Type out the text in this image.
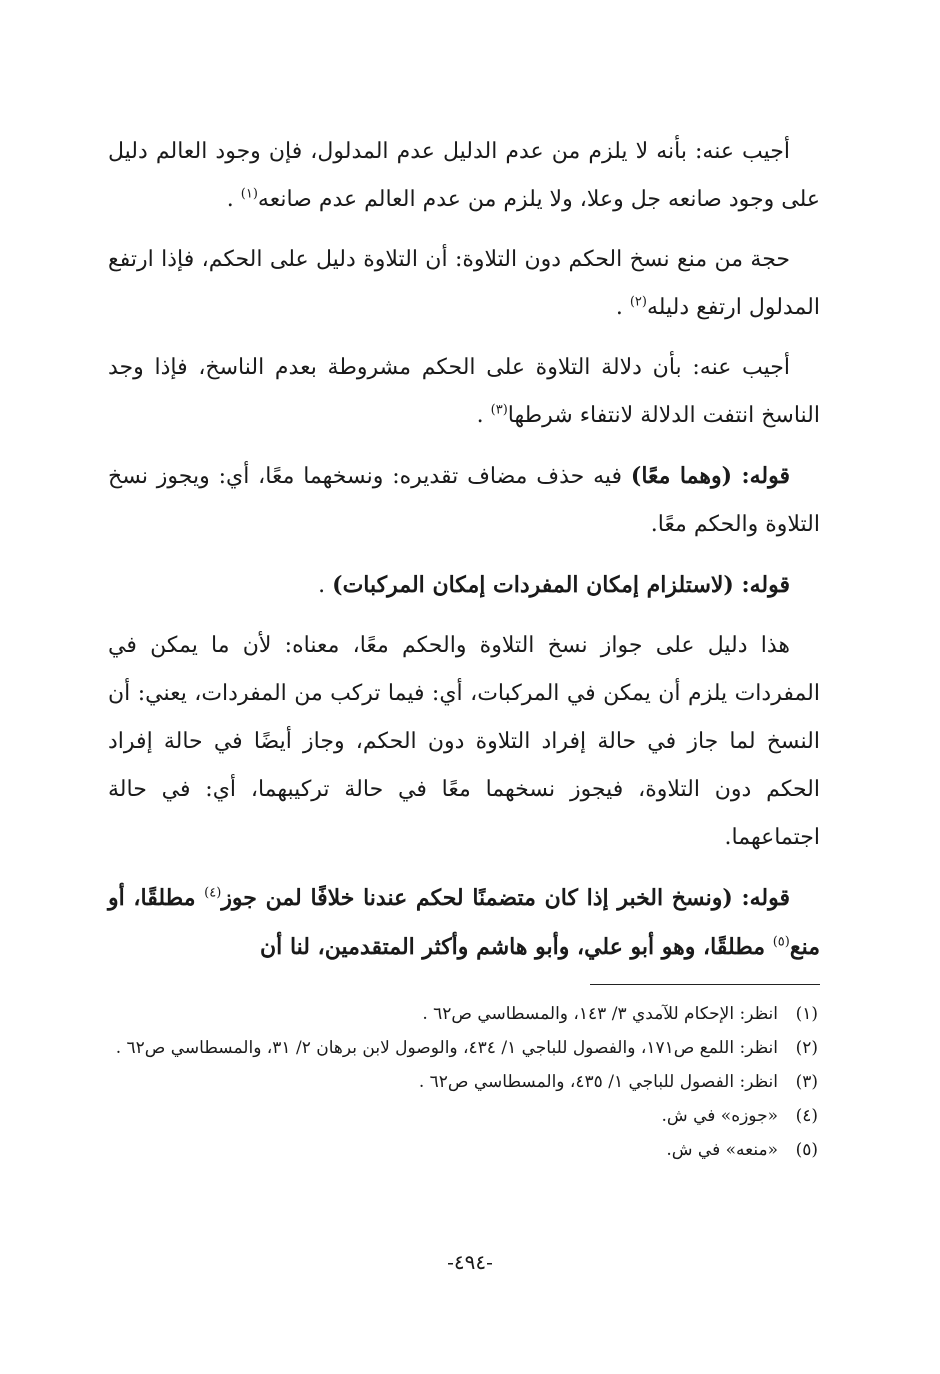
أجيب عنه: بأنه لا يلزم من عدم الدليل عدم المدلول، فإن وجود العالم دليل على وجود صانعه جل وعلا، ولا يلزم من عدم العالم عدم صانعه$^{(١)}$ .

حجة من منع نسخ الحكم دون التلاوة: أن التلاوة دليل على الحكم، فإذا ارتفع المدلول ارتفع دليله$^{(٢)}$ .

أجيب عنه: بأن دلالة التلاوة على الحكم مشروطة بعدم الناسخ، فإذا وجد الناسخ انتفت الدلالة لانتفاء شرطها$^{(٣)}$ .

قوله: (وهما معًا) فيه حذف مضاف تقديره: ونسخهما معًا، أي: ويجوز نسخ التلاوة والحكم معًا.

قوله: (لاستلزام إمكان المفردات إمكان المركبات) .

هذا دليل على جواز نسخ التلاوة والحكم معًا، معناه: لأن ما يمكن في المفردات يلزم أن يمكن في المركبات، أي: فيما تركب من المفردات، يعني: أن النسخ لما جاز في حالة إفراد التلاوة دون الحكم، وجاز أيضًا في حالة إفراد الحكم دون التلاوة، فيجوز نسخهما معًا في حالة تركيبهما، أي: في حالة اجتماعهما.

قوله: (ونسخ الخبر إذا كان متضمنًا لحكم عندنا خلافًا لمن جوز$^{(٤)}$ مطلقًا، أو منع$^{(٥)}$ مطلقًا، وهو أبو علي، وأبو هاشم وأكثر المتقدمين، لنا أن

(١)
انظر: الإحكام للآمدي ٣/ ١٤٣، والمسطاسي ص٦٢ .
(٢)
انظر: اللمع ص١٧١، والفصول للباجي ١/ ٤٣٤، والوصول لابن برهان ٢/ ٣١، والمسطاسي ص٦٢ .
(٣)
انظر: الفصول للباجي ١/ ٤٣٥، والمسطاسي ص٦٢ .
(٤)
«جوزه» في ش.
(٥)
«منعه» في ش.
-٤٩٤-
